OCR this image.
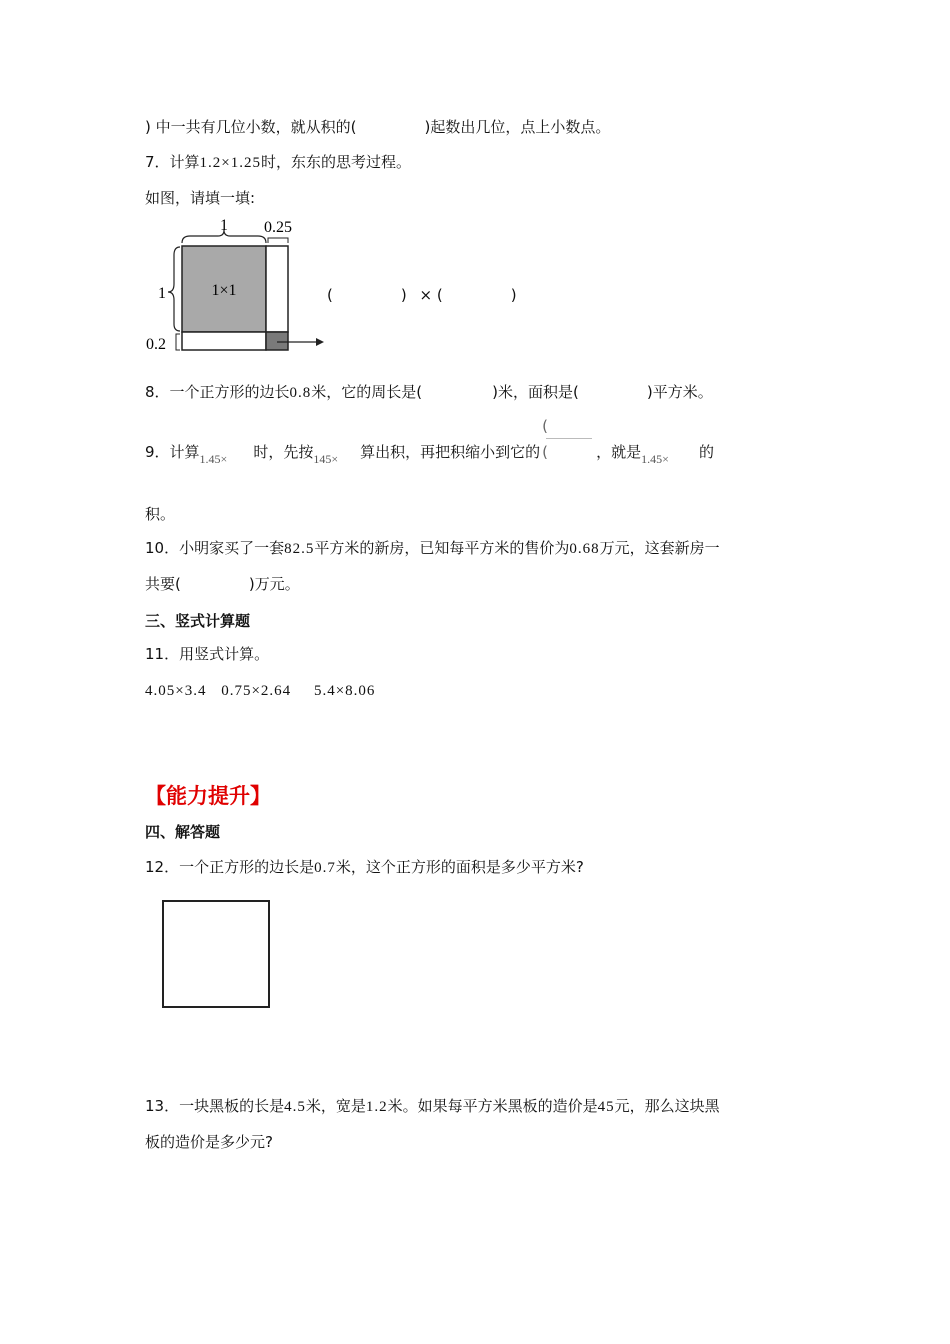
) 中一共有几位小数，就从积的(	)起数出几位，点上小数点。
7．计算1.2×1.25时，东东的思考过程。
如图，请填一填:
1 0.25
1
0.2
1×1	(	) × (	)
8．一个正方形的边长0.8米，它的周长是(	)米，面积是(	)平方米。
9．计算$_{1.45\times}$ 时，先按$_{145\times}$ 算出积，再把积缩小到它的
(
(	，就是$_{1.45\times}$ 的
积。
10．小明家买了一套82.5平方米的新房，已知每平方米的售价为0.68万元，这套新房一
共要(	)万元。
三、竖式计算题
11．用竖式计算。
4.05×3.4 0.75×2.64 5.4×8.06
【能力提升】
四、解答题
12．一个正方形的边长是0.7米，这个正方形的面积是多少平方米?
13．一块黑板的长是4.5米，宽是1.2米。如果每平方米黑板的造价是45元，那么这块黑
板的造价是多少元?
